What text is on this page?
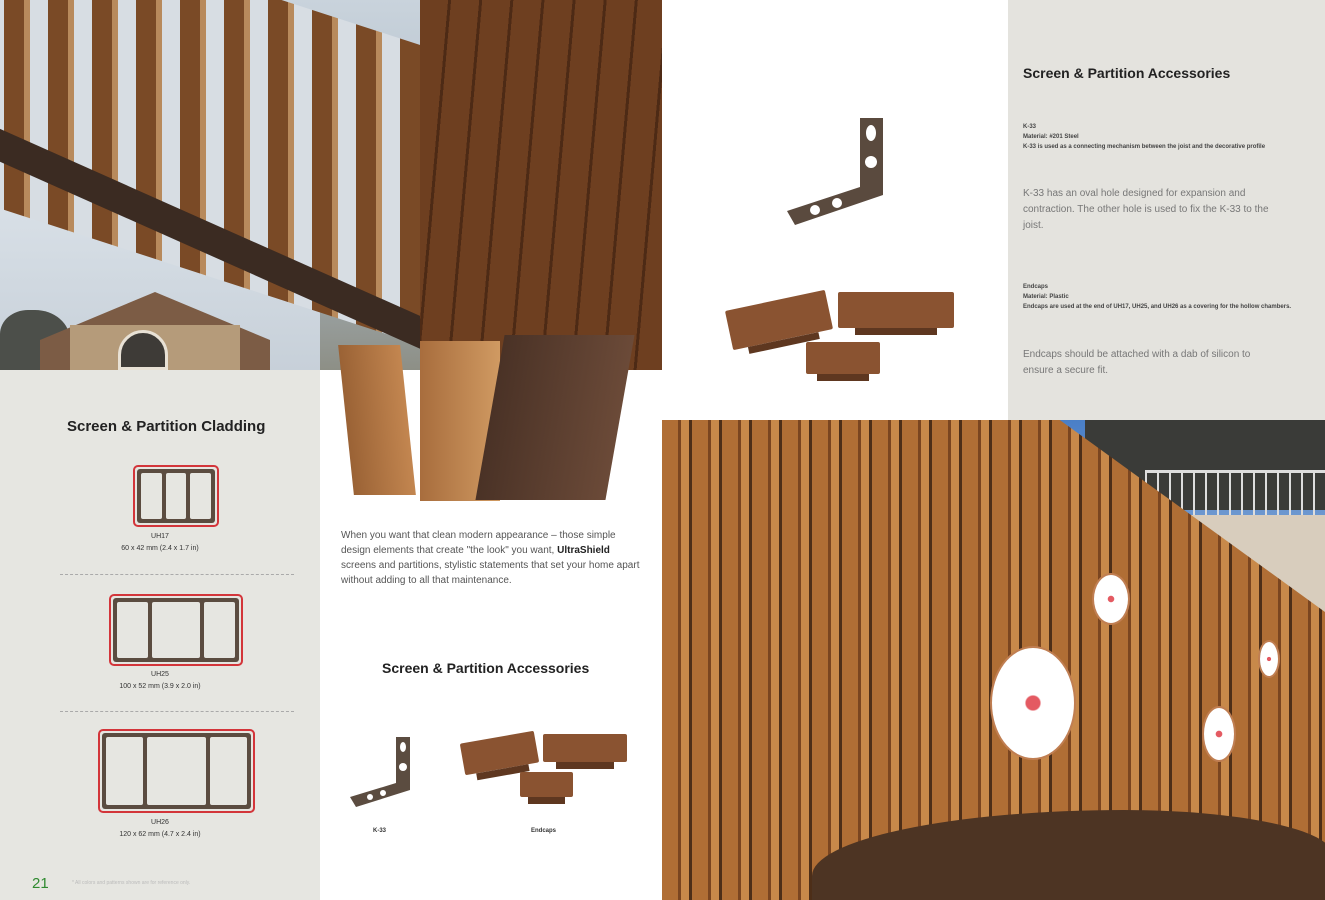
Screen & Partition Cladding
UH17
60 x 42 mm (2.4 x 1.7 in)
UH25
100 x 52 mm (3.9 x 2.0 in)
UH26
120 x 62 mm (4.7 x 2.4 in)
21	* All colors and patterns shown are for reference only.
When you want that clean modern appearance – those simple design elements that create "the look" you want, UltraShield screens and partitions, stylistic statements that set your home apart without adding to all that maintenance.
Screen & Partition Accessories
K-33	Endcaps
Screen & Partition Accessories
K-33
Material: #201 Steel
K-33 is used as a connecting mechanism between the joist and the decorative profile
K-33 has an oval hole designed for expansion and contraction. The other hole is used to fix the K-33 to the joist.
Endcaps
Material: Plastic
Endcaps are used at the end of UH17, UH25, and UH26 as a covering for the hollow chambers.
Endcaps should be attached with a dab of silicon to ensure a secure fit.
